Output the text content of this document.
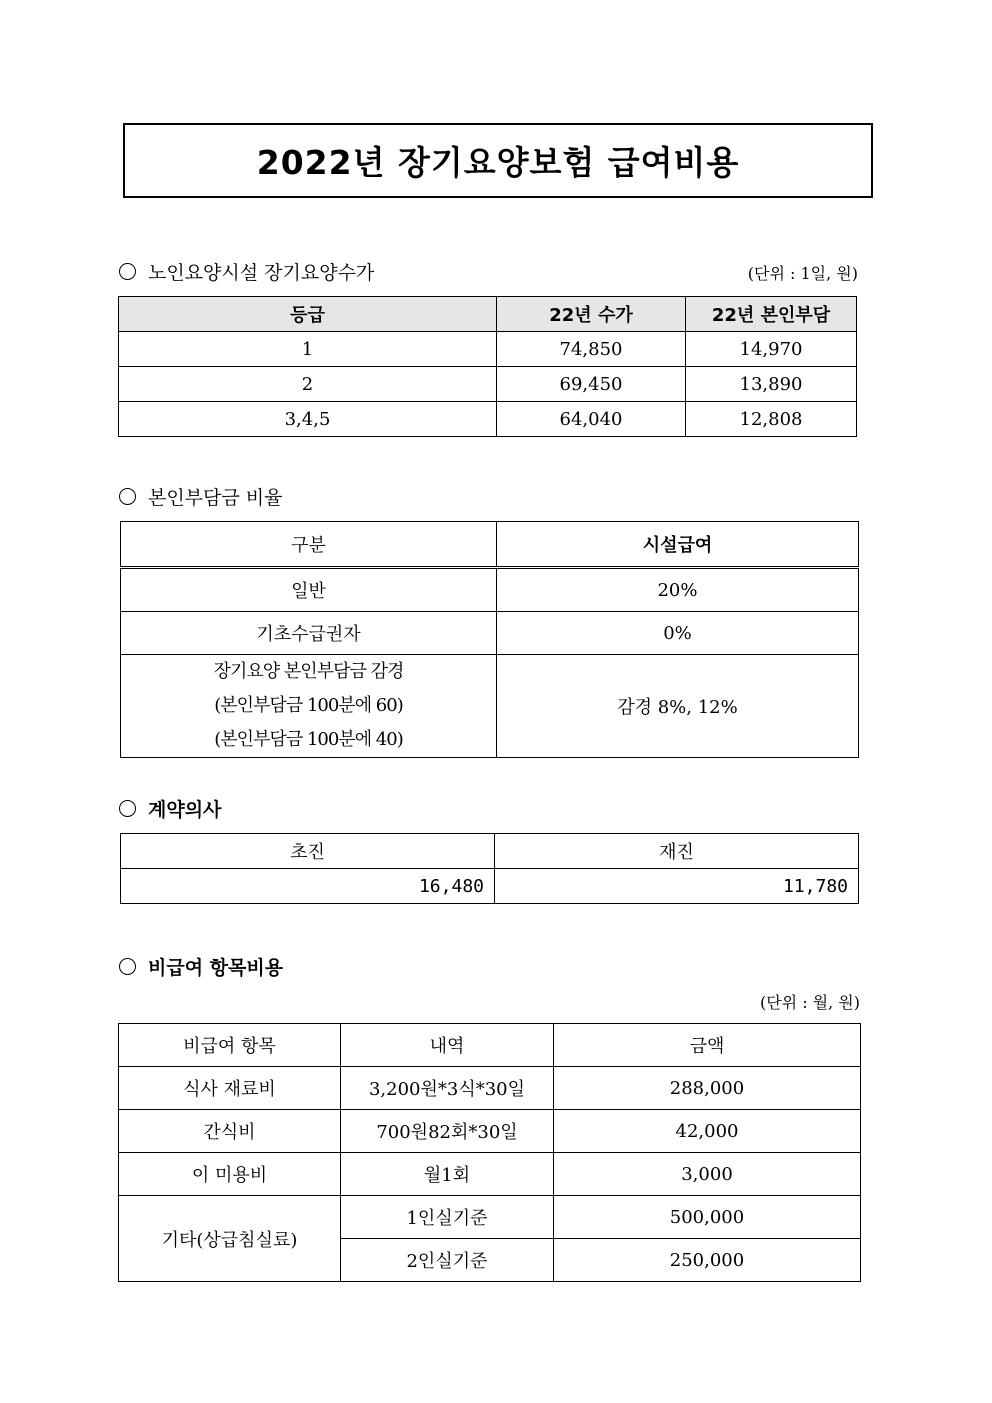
2022년 장기요양보험 급여비용
노인요양시설 장기요양수가	(단위 : 1일, 원)
등급	22년 수가	22년 본인부담
1	74,850	14,970
2	69,450	13,890
3,4,5	64,040	12,808
본인부담금 비율
구분	시설급여
일반	20%
기초수급권자	0%

장기요양 본인부담금 감경
(본인부담금 100분에 60)
(본인부담금 100분에 40)	감경 8%, 12%
계약의사
초진	재진
16,480	11,780
비급여 항목비용
(단위 : 월, 원)
비급여 항목	내역	금액
식사 재료비	3,200원*3식*30일	288,000
간식비	700원82회*30일	42,000
이 미용비	월1회	3,000
기타(상급침실료)	1인실기준	500,000
	2인실기준	250,000
